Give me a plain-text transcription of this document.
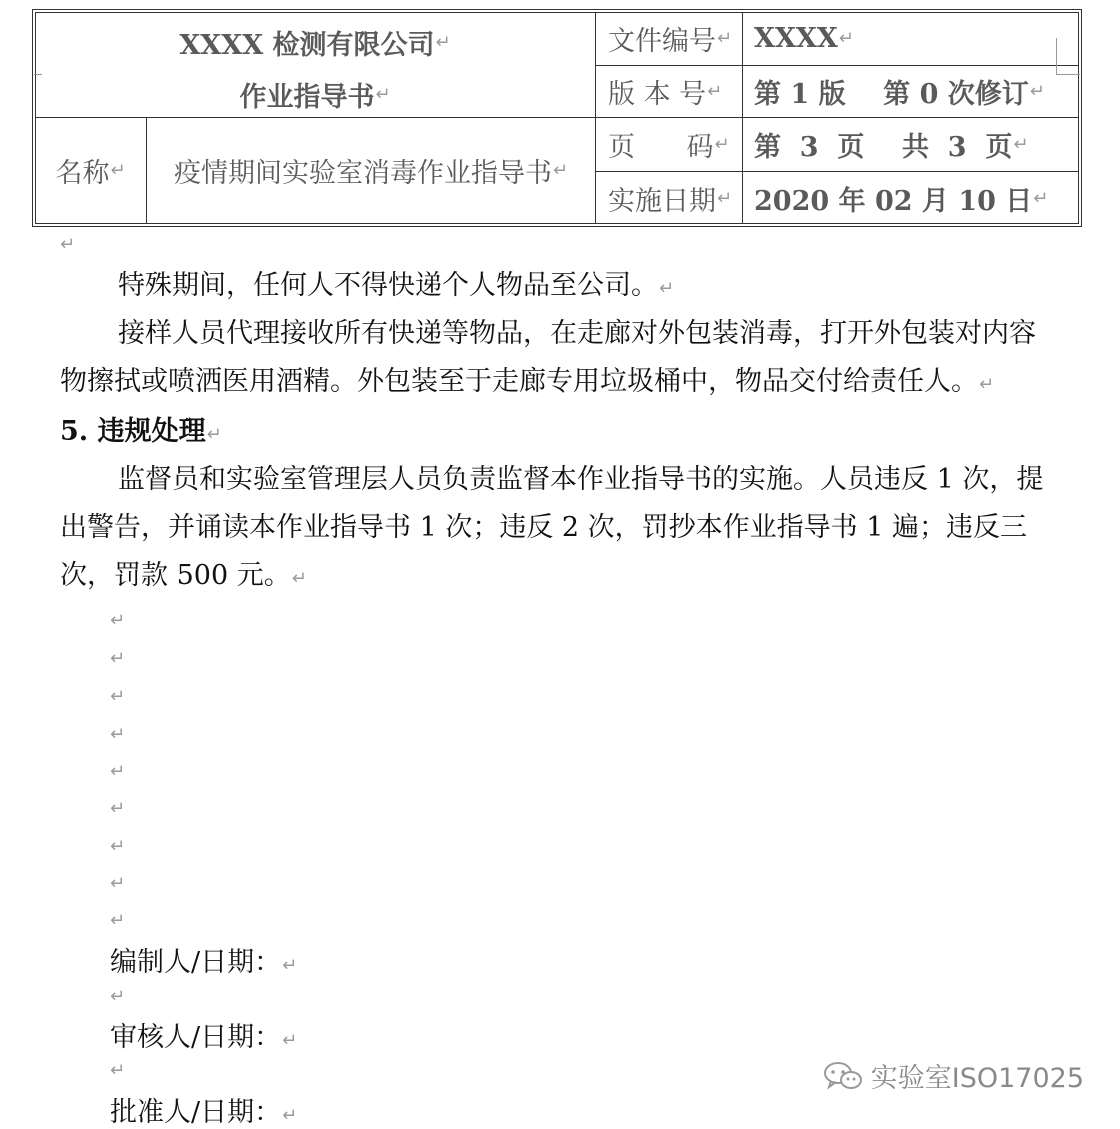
XXXX 检测有限公司
↵
作业指导书
↵
名称
↵ 疫情期间实验室消毒作业指导书
↵
文件编号
↵
版 本 号
↵
页      码
↵
实施日期
↵
XXXX
↵
第 1 版    第 0 次修订
↵
第  3  页    共  3  页
↵
2020 年 02 月 10 日
↵
↵
特殊期间，任何人不得快递个人物品至公司。 ↵
接样人员代理接收所有快递等物品，在走廊对外包装消毒，打开外包装对内容物擦拭或喷洒医用酒精。外包装至于走廊专用垃圾桶中，物品交付给责任人。 ↵
5. 违规处理 ↵
监督员和实验室管理层人员负责监督本作业指导书的实施。人员违反 1 次，提出警告，并诵读本作业指导书 1 次；违反 2 次，罚抄本作业指导书 1 遍；违反三次，罚款 500 元。 ↵
↵
↵
↵
↵
↵
↵
↵
↵
↵
编制人/日期： ↵
↵
审核人/日期： ↵
↵
批准人/日期： ↵
实验室ISO17025
